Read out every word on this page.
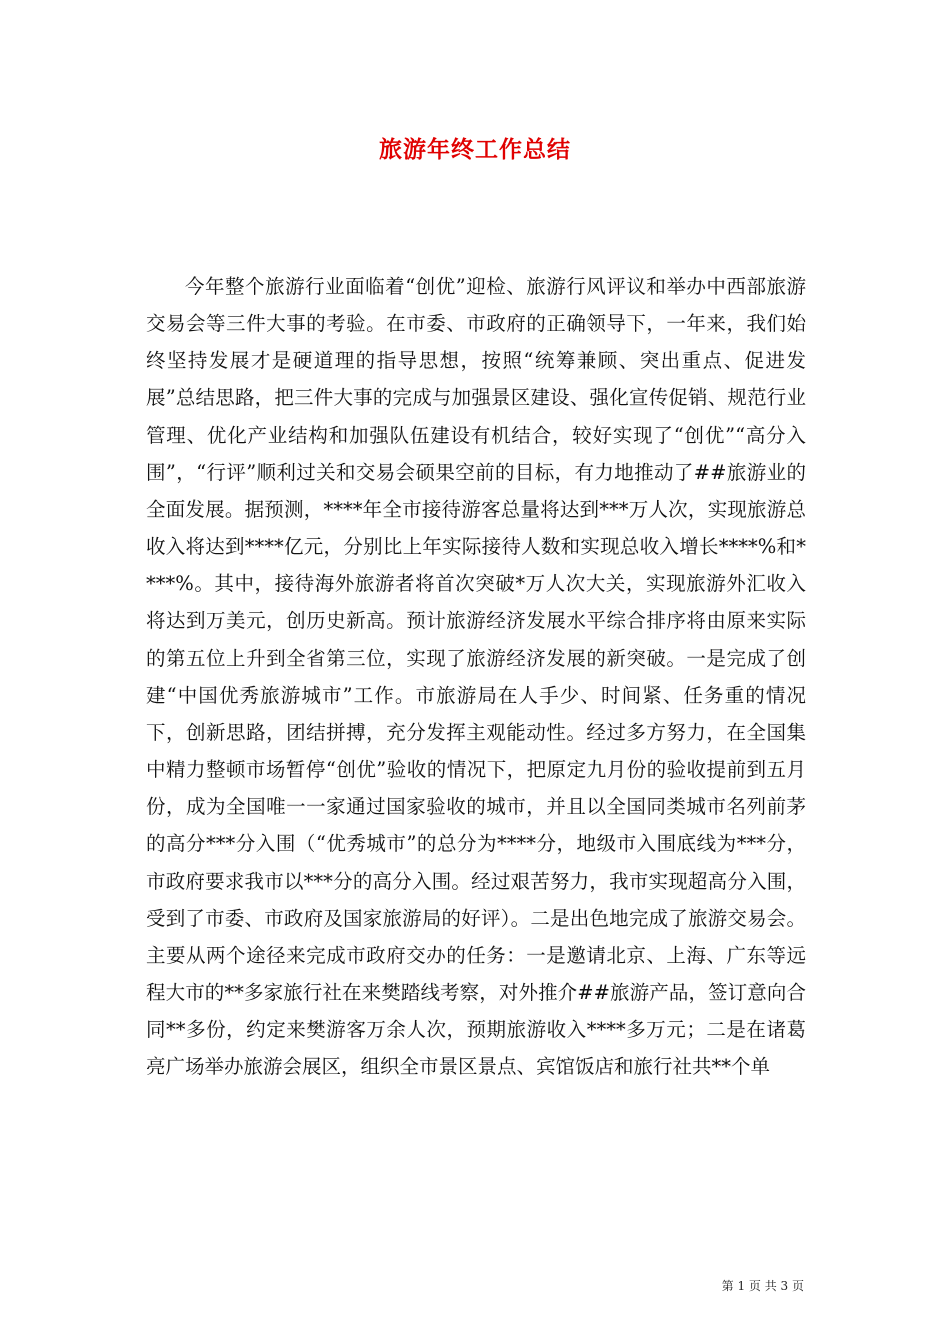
旅游年终工作总结

今年整个旅游行业面临着“创优”迎检、旅游行风评议和举办中西部旅游交易会等三件大事的考验。在市委、市政府的正确领导下，一年来，我们始终坚持发展才是硬道理的指导思想，按照“统筹兼顾、突出重点、促进发展”总结思路，把三件大事的完成与加强景区建设、强化宣传促销、规范行业管理、优化产业结构和加强队伍建设有机结合，较好实现了“创优”“高分入围”，“行评”顺利过关和交易会硕果空前的目标，有力地推动了##旅游业的全面发展。据预测，****年全市接待游客总量将达到***万人次，实现旅游总收入将达到****亿元，分别比上年实际接待人数和实现总收入增长****%和****%。其中，接待海外旅游者将首次突破*万人次大关，实现旅游外汇收入将达到万美元，创历史新高。预计旅游经济发展水平综合排序将由原来实际的第五位上升到全省第三位，实现了旅游经济发展的新突破。一是完成了创建“中国优秀旅游城市”工作。市旅游局在人手少、时间紧、任务重的情况下，创新思路，团结拼搏，充分发挥主观能动性。经过多方努力，在全国集中精力整顿市场暂停“创优”验收的情况下，把原定九月份的验收提前到五月份，成为全国唯一一家通过国家验收的城市，并且以全国同类城市名列前茅的高分***分入围（“优秀城市”的总分为****分，地级市入围底线为***分，市政府要求我市以***分的高分入围。经过艰苦努力，我市实现超高分入围，受到了市委、市政府及国家旅游局的好评）。二是出色地完成了旅游交易会。主要从两个途径来完成市政府交办的任务：一是邀请北京、上海、广东等远程大市的**多家旅行社在来樊踏线考察，对外推介##旅游产品，签订意向合同**多份，约定来樊游客万余人次，预期旅游收入****多万元；二是在诸葛亮广场举办旅游会展区，组织全市景区景点、宾馆饭店和旅行社共**个单

第 1 页 共 3 页
